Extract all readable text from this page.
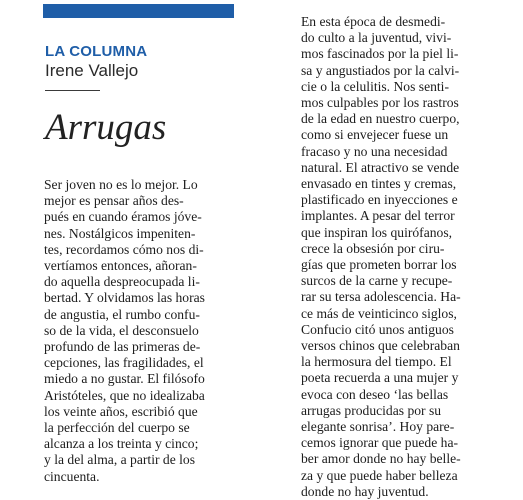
LA COLUMNA
Irene Vallejo
Arrugas
Ser joven no es lo mejor. Lo
mejor es pensar años des-
pués en cuando éramos jóve-
nes. Nostálgicos impeniten-
tes, recordamos cómo nos di-
vertíamos entonces, añoran-
do aquella despreocupada li-
bertad. Y olvidamos las horas
de angustia, el rumbo confu-
so de la vida, el desconsuelo
profundo de las primeras de-
cepciones, las fragilidades, el
miedo a no gustar. El filósofo
Aristóteles, que no idealizaba
los veinte años, escribió que
la perfección del cuerpo se
alcanza a los treinta y cinco;
y la del alma, a partir de los
cincuenta.
En esta época de desmedi-
do culto a la juventud, vivi-
mos fascinados por la piel li-
sa y angustiados por la calvi-
cie o la celulitis. Nos senti-
mos culpables por los rastros
de la edad en nuestro cuerpo,
como si envejecer fuese un
fracaso y no una necesidad
natural. El atractivo se vende
envasado en tintes y cremas,
plastificado en inyecciones e
implantes. A pesar del terror
que inspiran los quirófanos,
crece la obsesión por ciru-
gías que prometen borrar los
surcos de la carne y recupe-
rar su tersa adolescencia. Ha-
ce más de veinticinco siglos,
Confucio citó unos antiguos
versos chinos que celebraban
la hermosura del tiempo. El
poeta recuerda a una mujer y
evoca con deseo ‘las bellas
arrugas producidas por su
elegante sonrisa’. Hoy pare-
cemos ignorar que puede ha-
ber amor donde no hay belle-
za y que puede haber belleza
donde no hay juventud.
